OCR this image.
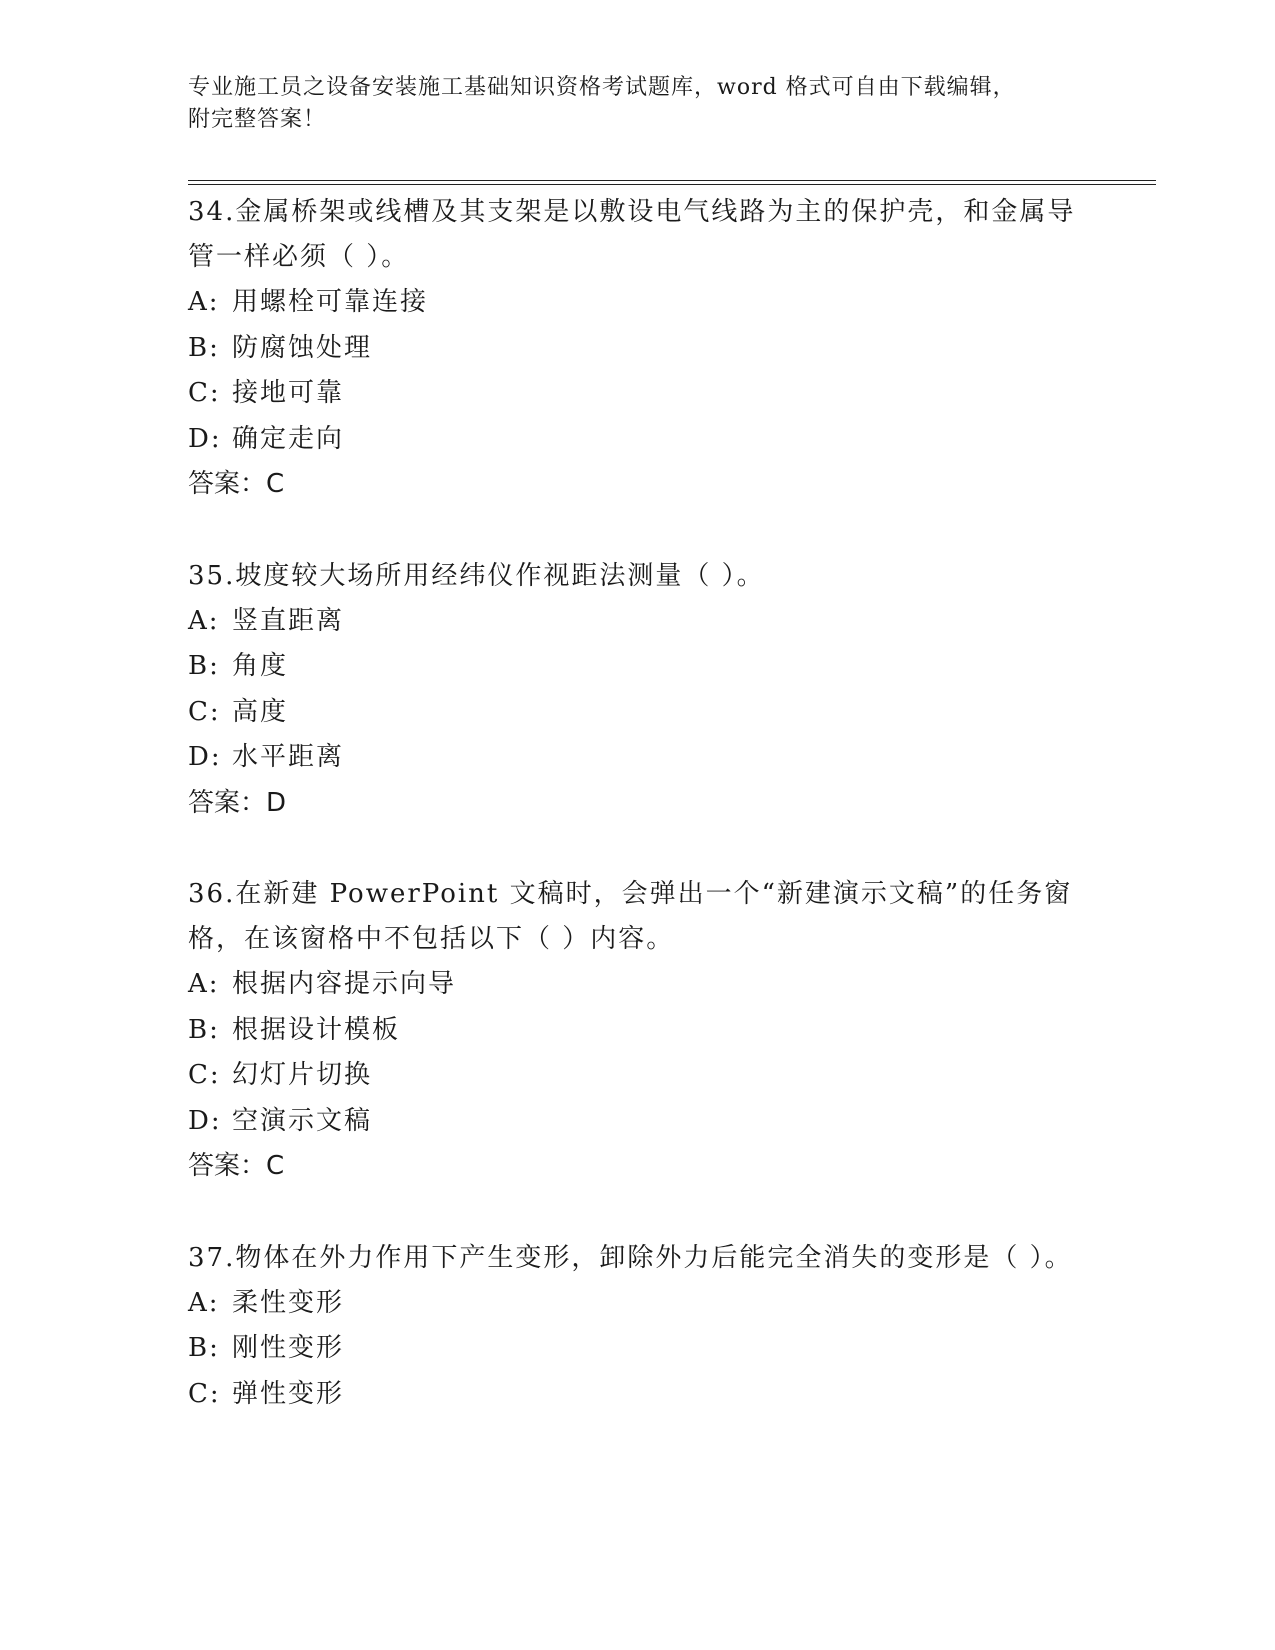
专业施工员之设备安装施工基础知识资格考试题库，word 格式可自由下载编辑，
附完整答案！

34.金属桥架或线槽及其支架是以敷设电气线路为主的保护壳，和金属导管一样必须（ ）。

A: 用螺栓可靠连接

B: 防腐蚀处理

C: 接地可靠

D: 确定走向

答案：C

35.坡度较大场所用经纬仪作视距法测量（ ）。

A: 竖直距离

B: 角度

C: 高度

D: 水平距离

答案：D

36.在新建 PowerPoint 文稿时，会弹出一个“新建演示文稿”的任务窗格，在该窗格中不包括以下（ ）内容。

A: 根据内容提示向导

B: 根据设计模板

C: 幻灯片切换

D: 空演示文稿

答案：C

37.物体在外力作用下产生变形，卸除外力后能完全消失的变形是（ ）。

A: 柔性变形

B: 刚性变形

C: 弹性变形
